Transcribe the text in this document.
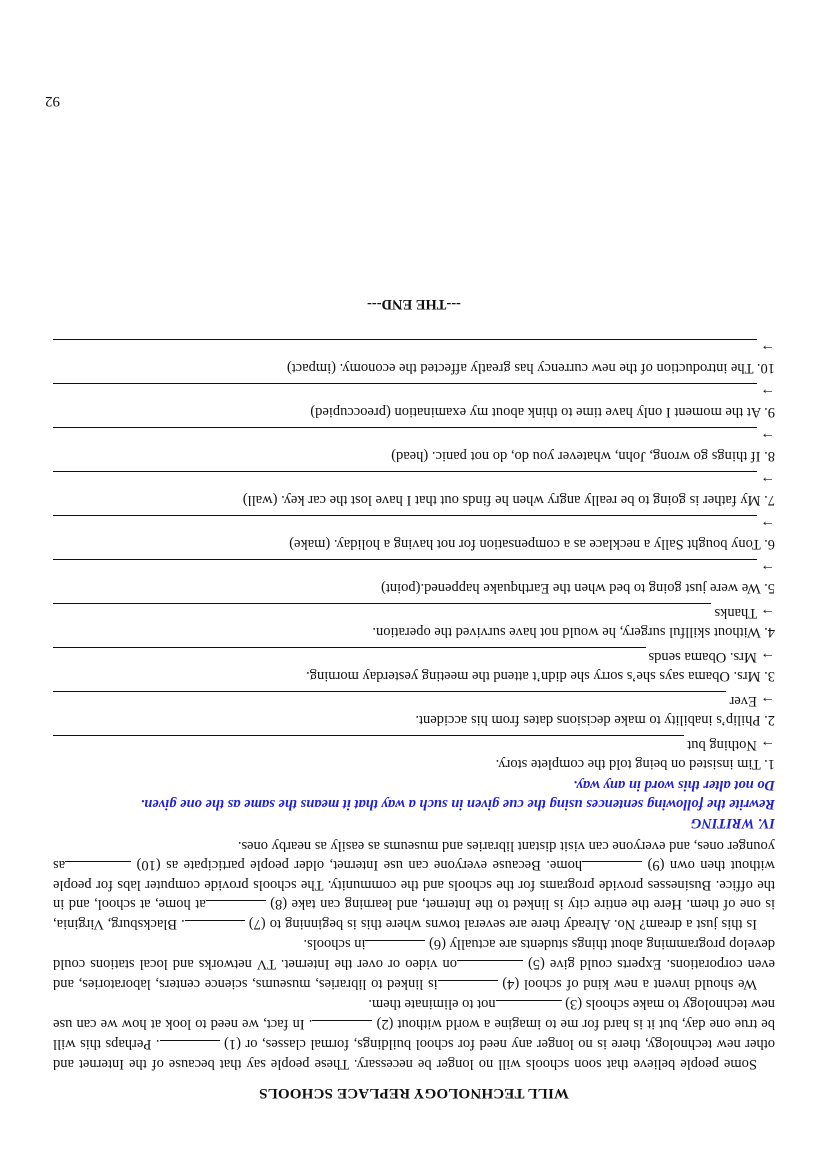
WILL TECHNOLOGY REPLACE SCHOOLS

Some people believe that soon schools will no longer be necessary. These people say that because of the Internet and other new technology, there is no longer any need for school buildings, formal classes, or (1) . Perhaps this will be true one day, but it is hard for me to imagine a world without (2) . In fact, we need to look at how we can use new technology to make schools (3) not to eliminate them.

We should invent a new kind of school (4) is linked to libraries, museums, science centers, laboratories, and even corporations. Experts could give (5) on video or over the Internet. TV networks and local stations could develop programming about things students are actually (6) in schools.

Is this just a dream? No. Already there are several towns where this is beginning to (7) . Blacksburg, Virginia, is one of them. Here the entire city is linked to the Internet, and learning can take (8) at home, at school, and in the office. Businesses provide programs for the schools and the community. The schools provide computer labs for people without then own (9) home. Because everyone can use Internet, older people participate as (10) as younger ones, and everyone can visit distant libraries and museums as easily as nearby ones.

IV. WRITING
Rewrite the following sentences using the cue given in such a way that it means the same as the one given.
Do not alter this word in any way.
1. Tim insisted on being told the complete story.
→ Nothing but
2. Philip’s inability to make decisions dates from his accident.
→ Ever
3. Mrs. Obama says she’s sorry she didn’t attend the meeting yesterday morning.
→ Mrs. Obama sends
4. Without skillful surgery, he would not have survived the operation.
→ Thanks
5. We were just going to bed when the Earthquake happened.(point)
→
6. Tony bought Sally a necklace as a compensation for not having a holiday. (make)
→
7. My father is going to be really angry when he finds out that I have lost the car key. (wall)
→
8. If things go wrong, John, whatever you do, do not panic. (head)
→
9. At the moment I only have time to think about my examination (preoccupied)
→
10. The introduction of the new currency has greatly affected the economy. (impact)
→
---THE END---
92
